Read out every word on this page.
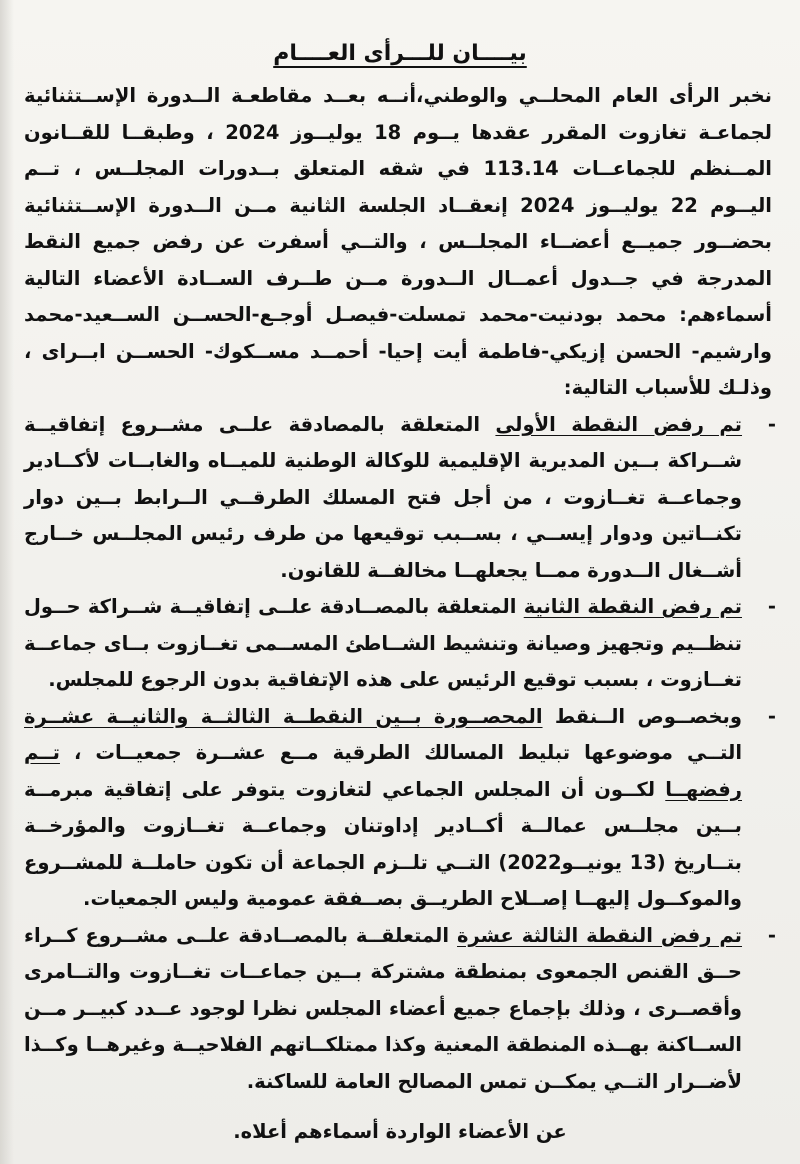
بيــــان للـــرأى العــــام

نخبر الرأى العام المحلــي والوطني،أنــه بعــد مقاطعـة الــدورة الإســتثنائية لجماعـة تغازوت المقرر عقدها يــوم 18 يوليــوز 2024 ، وطبقــا للقــانون المــنظم للجماعــات 113.14 في شقه المتعلق بــدورات المجلــس ، تــم اليــوم 22 يوليــوز 2024 إنعقــاد الجلسة الثانية مــن الــدورة الإســتثنائية بحضــور جميــع أعضــاء المجلــس ، والتــي أسفرت عن رفض جميع النقط المدرجة في جــدول أعمــال الــدورة مــن طــرف الســادة الأعضاء التالية أسماءهم: محمد بودنيت-محمد تمسلت-فيصـل أوجـع-الحســن الســعيد-محمد وارشيم- الحسن إزيكي-فاطمة أيت إحيا- أحمــد مســكوك- الحســن ابــراى ، وذلـك للأسباب التالية:

-
تم رفض النقطة الأولى المتعلقة بالمصادقة علــى مشــروع إتفاقيــة شــراكة بــين المديرية الإقليمية للوكالة الوطنية للميــاه والغابــات لأكــادير وجماعــة تغــازوت ، من أجل فتح المسلك الطرقــي الــرابط بــين دوار تكنــاتين ودوار إيســي ، بســبب توقيعها من طرف رئيس المجلــس خــارج أشــغال الــدورة ممــا يجعلهــا مخالفــة للقانون.
-
تم رفض النقطة الثانية المتعلقة بالمصــادقة علــى إتفاقيــة شــراكة حــول تنظــيم وتجهيز وصيانة وتنشيط الشــاطئ المســمى تغــازوت بــاى جماعــة تغــازوت ، بسبب توقيع الرئيس على هذه الإتفاقية بدون الرجوع للمجلس.
-
وبخصــوص الــنقط المحصــورة بــين النقطــة الثالثــة والثانيــة عشــرة التــي موضوعها تبليط المسالك الطرقية مــع عشــرة جمعيــات ، تــم رفضهــا لكــون أن المجلس الجماعي لتغازوت يتوفر على إتفاقية مبرمــة بــين مجلــس عمالــة أكــادير إداوتنان وجماعــة تغــازوت والمؤرخــة بتــاريخ (13 يونيــو2022) التــي تلــزم الجماعة أن تكون حاملــة للمشــروع والموكــول إليهــا إصــلاح الطريــق بصــفقة عمومية وليس الجمعيات.
-
تم رفض النقطة الثالثة عشرة المتعلقــة بالمصــادقة علــى مشــروع كــراء حــق القنص الجمعوى بمنطقة مشتركة بــين جماعــات تغــازوت والتــامرى وأقصــرى ، وذلك بإجماع جميع أعضاء المجلس نظرا لوجود عــدد كبيــر مــن الســاكنة بهــذه المنطقة المعنية وكذا ممتلكــاتهم الفلاحيــة وغيرهــا وكــذا لأضــرار التــي يمكــن تمس المصالح العامة للساكنة.

عن الأعضاء الواردة أسماءهم أعلاه.
